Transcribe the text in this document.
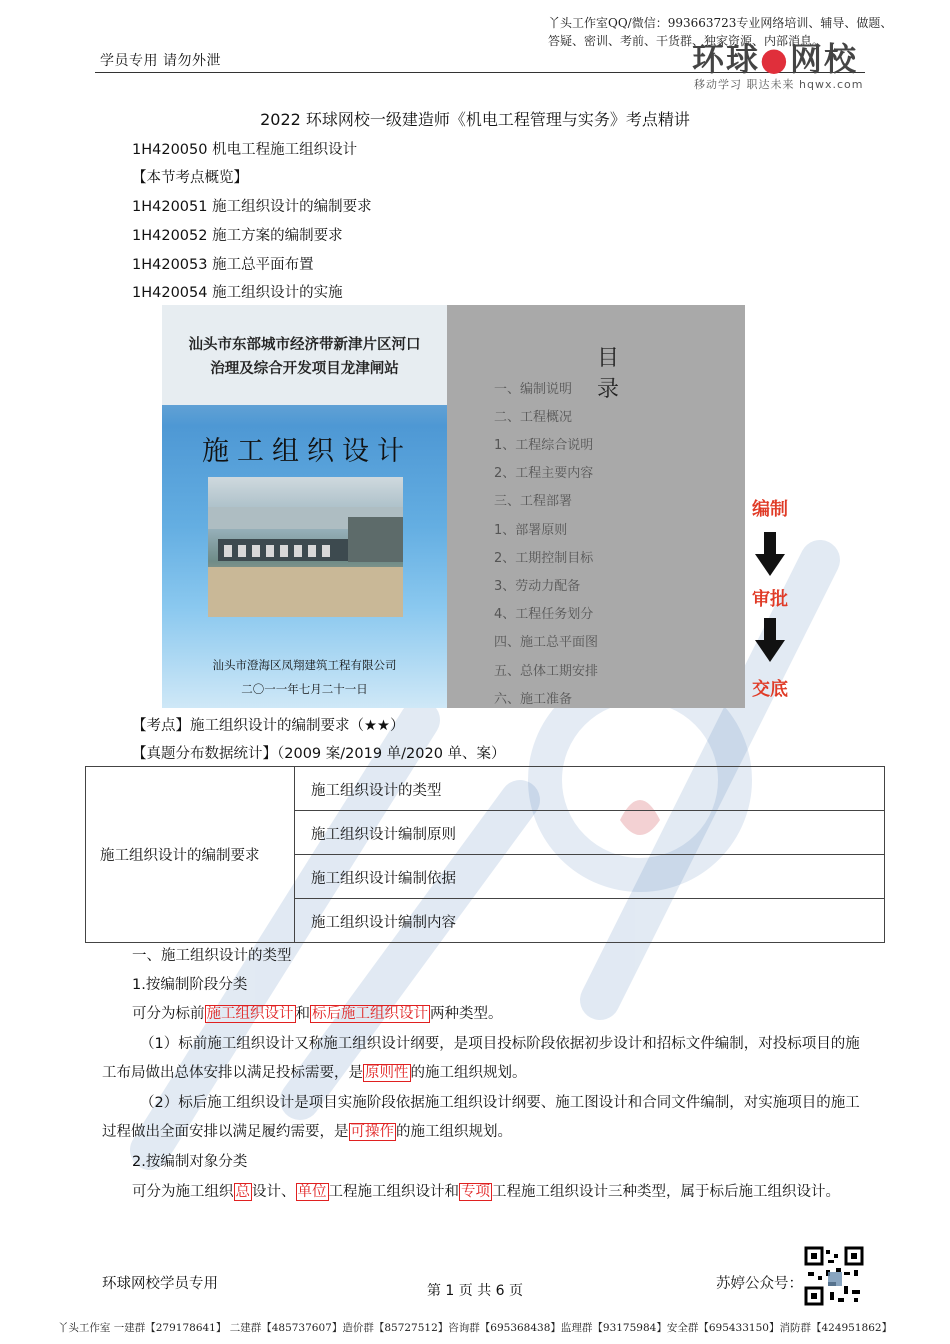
丫头工作室QQ/微信：993663723专业网络培训、辅导、做题、答疑、密训、考前、干货群、独家资源、内部消息。
学员专用 请勿外泄	环球●网校
移动学习 职达未来 hqwx.com
2022 环球网校一级建造师《机电工程管理与实务》考点精讲
1H420050 机电工程施工组织设计
【本节考点概览】
1H420051 施工组织设计的编制要求
1H420052 施工方案的编制要求
1H420053 施工总平面布置
1H420054 施工组织设计的实施
汕头市东部城市经济带新津片区河口
治理及综合开发项目龙津闸站
施工组织设计
汕头市澄海区凤翔建筑工程有限公司
二〇一一年七月二十一日
目录
一、编制说明
二、工程概况
1、工程综合说明
2、工程主要内容
三、工程部署
1、部署原则
2、工期控制目标
3、劳动力配备
4、工程任务划分
四、施工总平面图
五、总体工期安排
六、施工准备
编制
审批
交底
【考点】施工组织设计的编制要求（★★）
【真题分布数据统计】（2009 案/2019 单/2020 单、案）
施工组织设计的编制要求
施工组织设计的类型
施工组织设计编制原则
施工组织设计编制依据
施工组织设计编制内容
一、施工组织设计的类型
1.按编制阶段分类
可分为标前 施工组织设计 和 标后施工组织设计 两种类型。
（1）标前施工组织设计又称施工组织设计纲要，是项目投标阶段依据初步设计和招标文件编制，对投标项目的施工布局做出总体安排以满足投标需要，是 原则性 的施工组织规划。
（2）标后施工组织设计是项目实施阶段依据施工组织设计纲要、施工图设计和合同文件编制，对实施项目的施工过程做出全面安排以满足履约需要，是 可操作 的施工组织规划。
2.按编制对象分类
可分为施工组织 总 设计、 单位 工程施工组织设计和 专项 工程施工组织设计三种类型，属于标后施工组织设计。
环球网校学员专用	第 1 页 共 6 页	苏婷公众号：
丫头工作室 一建群【279178641】 二建群【485737607】造价群【85727512】咨询群【695368438】监理群【93175984】安全群【695433150】消防群【424951862】
